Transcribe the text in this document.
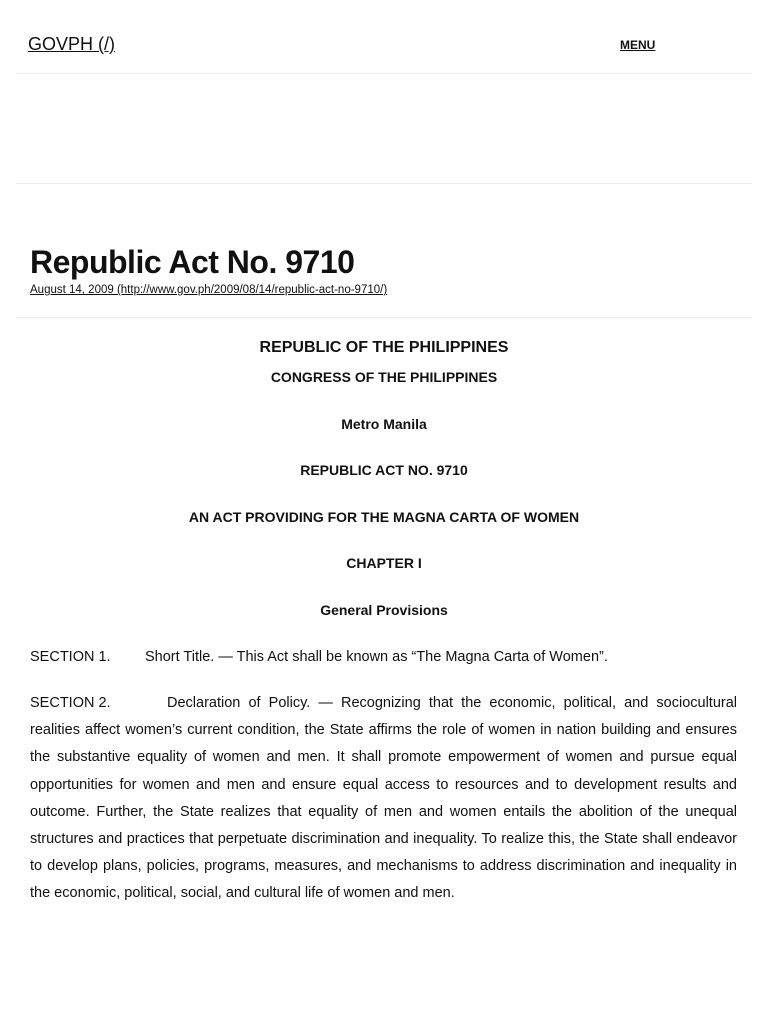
GOVPH (/)	MENU
Republic Act No. 9710
August 14, 2009 (http://www.gov.ph/2009/08/14/republic-act-no-9710/)
REPUBLIC OF THE PHILIPPINES
CONGRESS OF THE PHILIPPINES
Metro Manila
REPUBLIC ACT NO. 9710
AN ACT PROVIDING FOR THE MAGNA CARTA OF WOMEN
CHAPTER I
General Provisions
SECTION 1. Short Title. — This Act shall be known as “The Magna Carta of Women”.
SECTION 2.	Declaration of Policy. — Recognizing that the economic, political, and sociocultural realities affect women’s current condition, the State affirms the role of women in nation building and ensures the substantive equality of women and men. It shall promote empowerment of women and pursue equal opportunities for women and men and ensure equal access to resources and to development results and outcome. Further, the State realizes that equality of men and women entails the abolition of the unequal structures and practices that perpetuate discrimination and inequality. To realize this, the State shall endeavor to develop plans, policies, programs, measures, and mechanisms to address discrimination and inequality in the economic, political, social, and cultural life of women and men.
